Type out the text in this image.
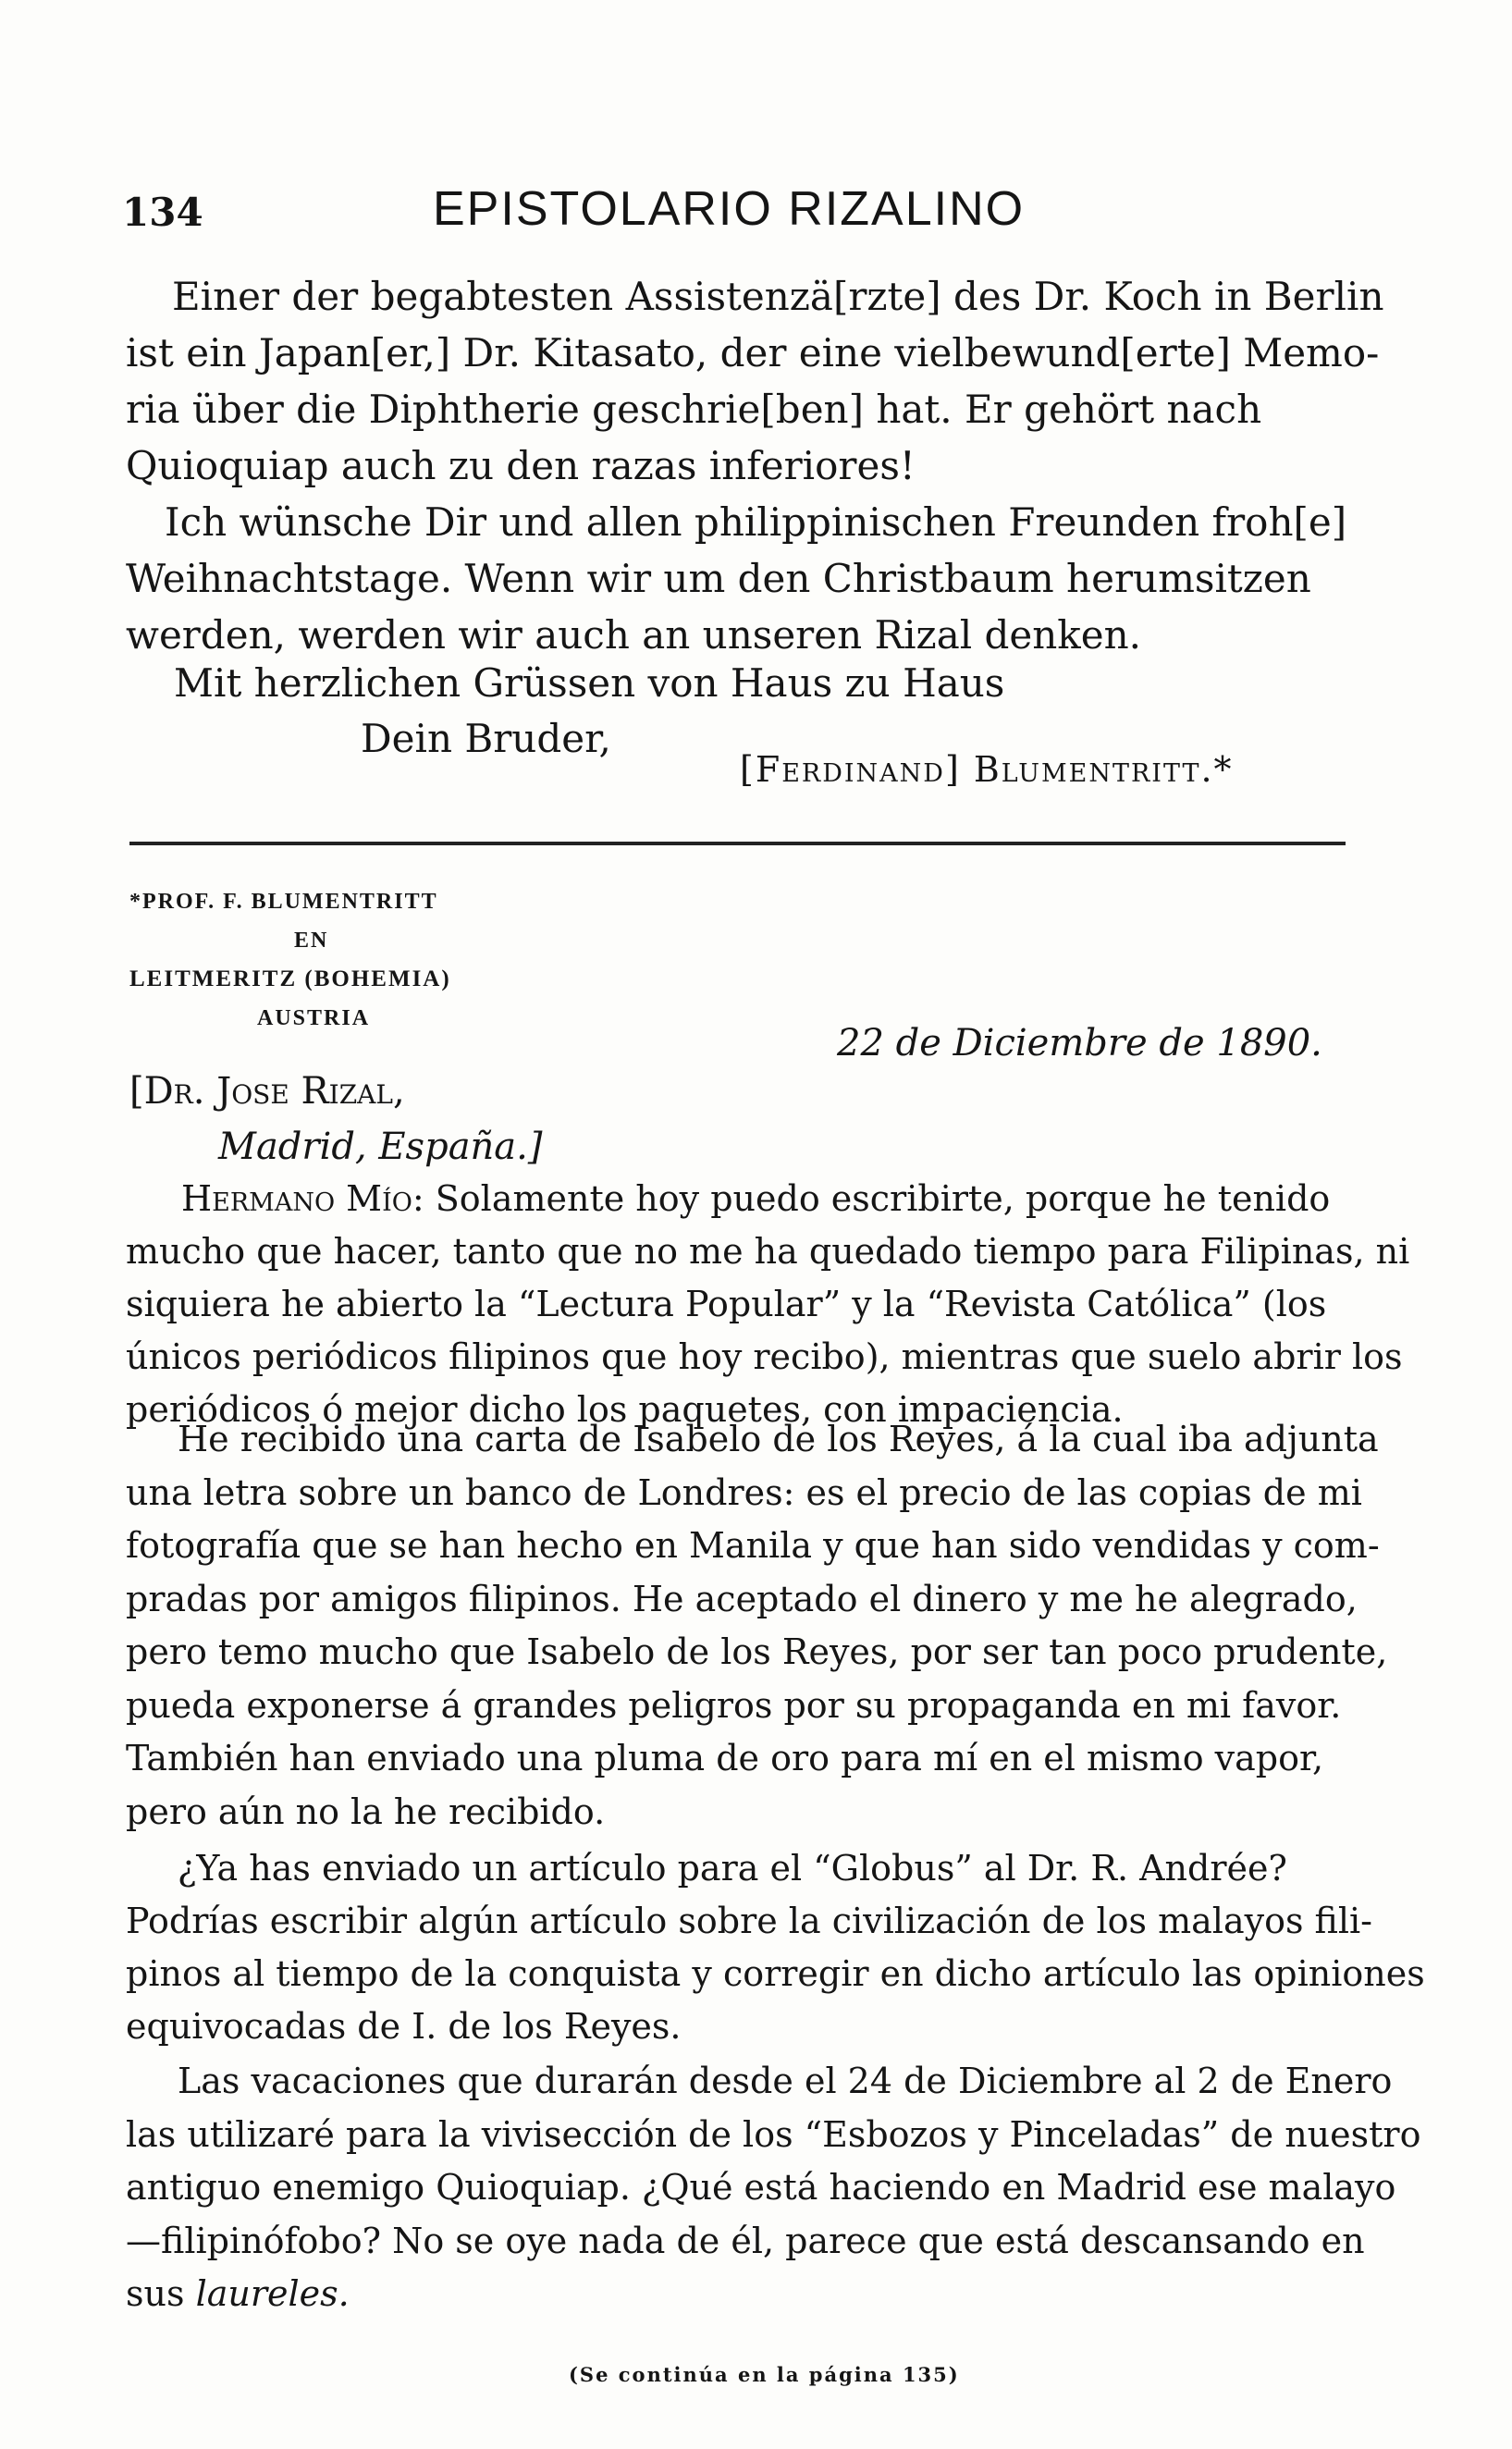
134	EPISTOLARIO RIZALINO
Einer der begabtesten Assistenzä[rzte] des Dr. Koch in Berlin
ist ein Japan[er,] Dr. Kitasato, der eine vielbewund[erte] Memo-
ria über die Diphtherie geschrie[ben] hat. Er gehört nach
Quioquiap auch zu den razas inferiores!
Ich wünsche Dir und allen philippinischen Freunden froh[e]
Weihnachtstage. Wenn wir um den Christbaum herumsitzen
werden, werden wir auch an unseren Rizal denken.
Mit herzlichen Grüssen von Haus zu Haus
Dein Bruder,
[Ferdinand] Blumentritt.*
*PROF. F. BLUMENTRITT
EN
LEITMERITZ (BOHEMIA)
AUSTRIA
22 de Diciembre de 1890.
[Dr. Jose Rizal,
Madrid, España.]
Hermano Mío: Solamente hoy puedo escribirte, porque he tenido
mucho que hacer, tanto que no me ha quedado tiempo para Filipinas, ni
siquiera he abierto la “Lectura Popular” y la “Revista Católica” (los
únicos periódicos filipinos que hoy recibo), mientras que suelo abrir los
periódicos ó mejor dicho los paquetes, con impaciencia.
He recibido una carta de Isabelo de los Reyes, á la cual iba adjunta
una letra sobre un banco de Londres: es el precio de las copias de mi
fotografía que se han hecho en Manila y que han sido vendidas y com-
pradas por amigos filipinos. He aceptado el dinero y me he alegrado,
pero temo mucho que Isabelo de los Reyes, por ser tan poco prudente,
pueda exponerse á grandes peligros por su propaganda en mi favor.
También han enviado una pluma de oro para mí en el mismo vapor,
pero aún no la he recibido.
¿Ya has enviado un artículo para el “Globus” al Dr. R. Andrée?
Podrías escribir algún artículo sobre la civilización de los malayos fili-
pinos al tiempo de la conquista y corregir en dicho artículo las opiniones
equivocadas de I. de los Reyes.
Las vacaciones que durarán desde el 24 de Diciembre al 2 de Enero
las utilizaré para la vivisección de los “Esbozos y Pinceladas” de nuestro
antiguo enemigo Quioquiap. ¿Qué está haciendo en Madrid ese malayo
—filipinófobo? No se oye nada de él, parece que está descansando en
sus laureles.
(Se continúa en la página 135)
